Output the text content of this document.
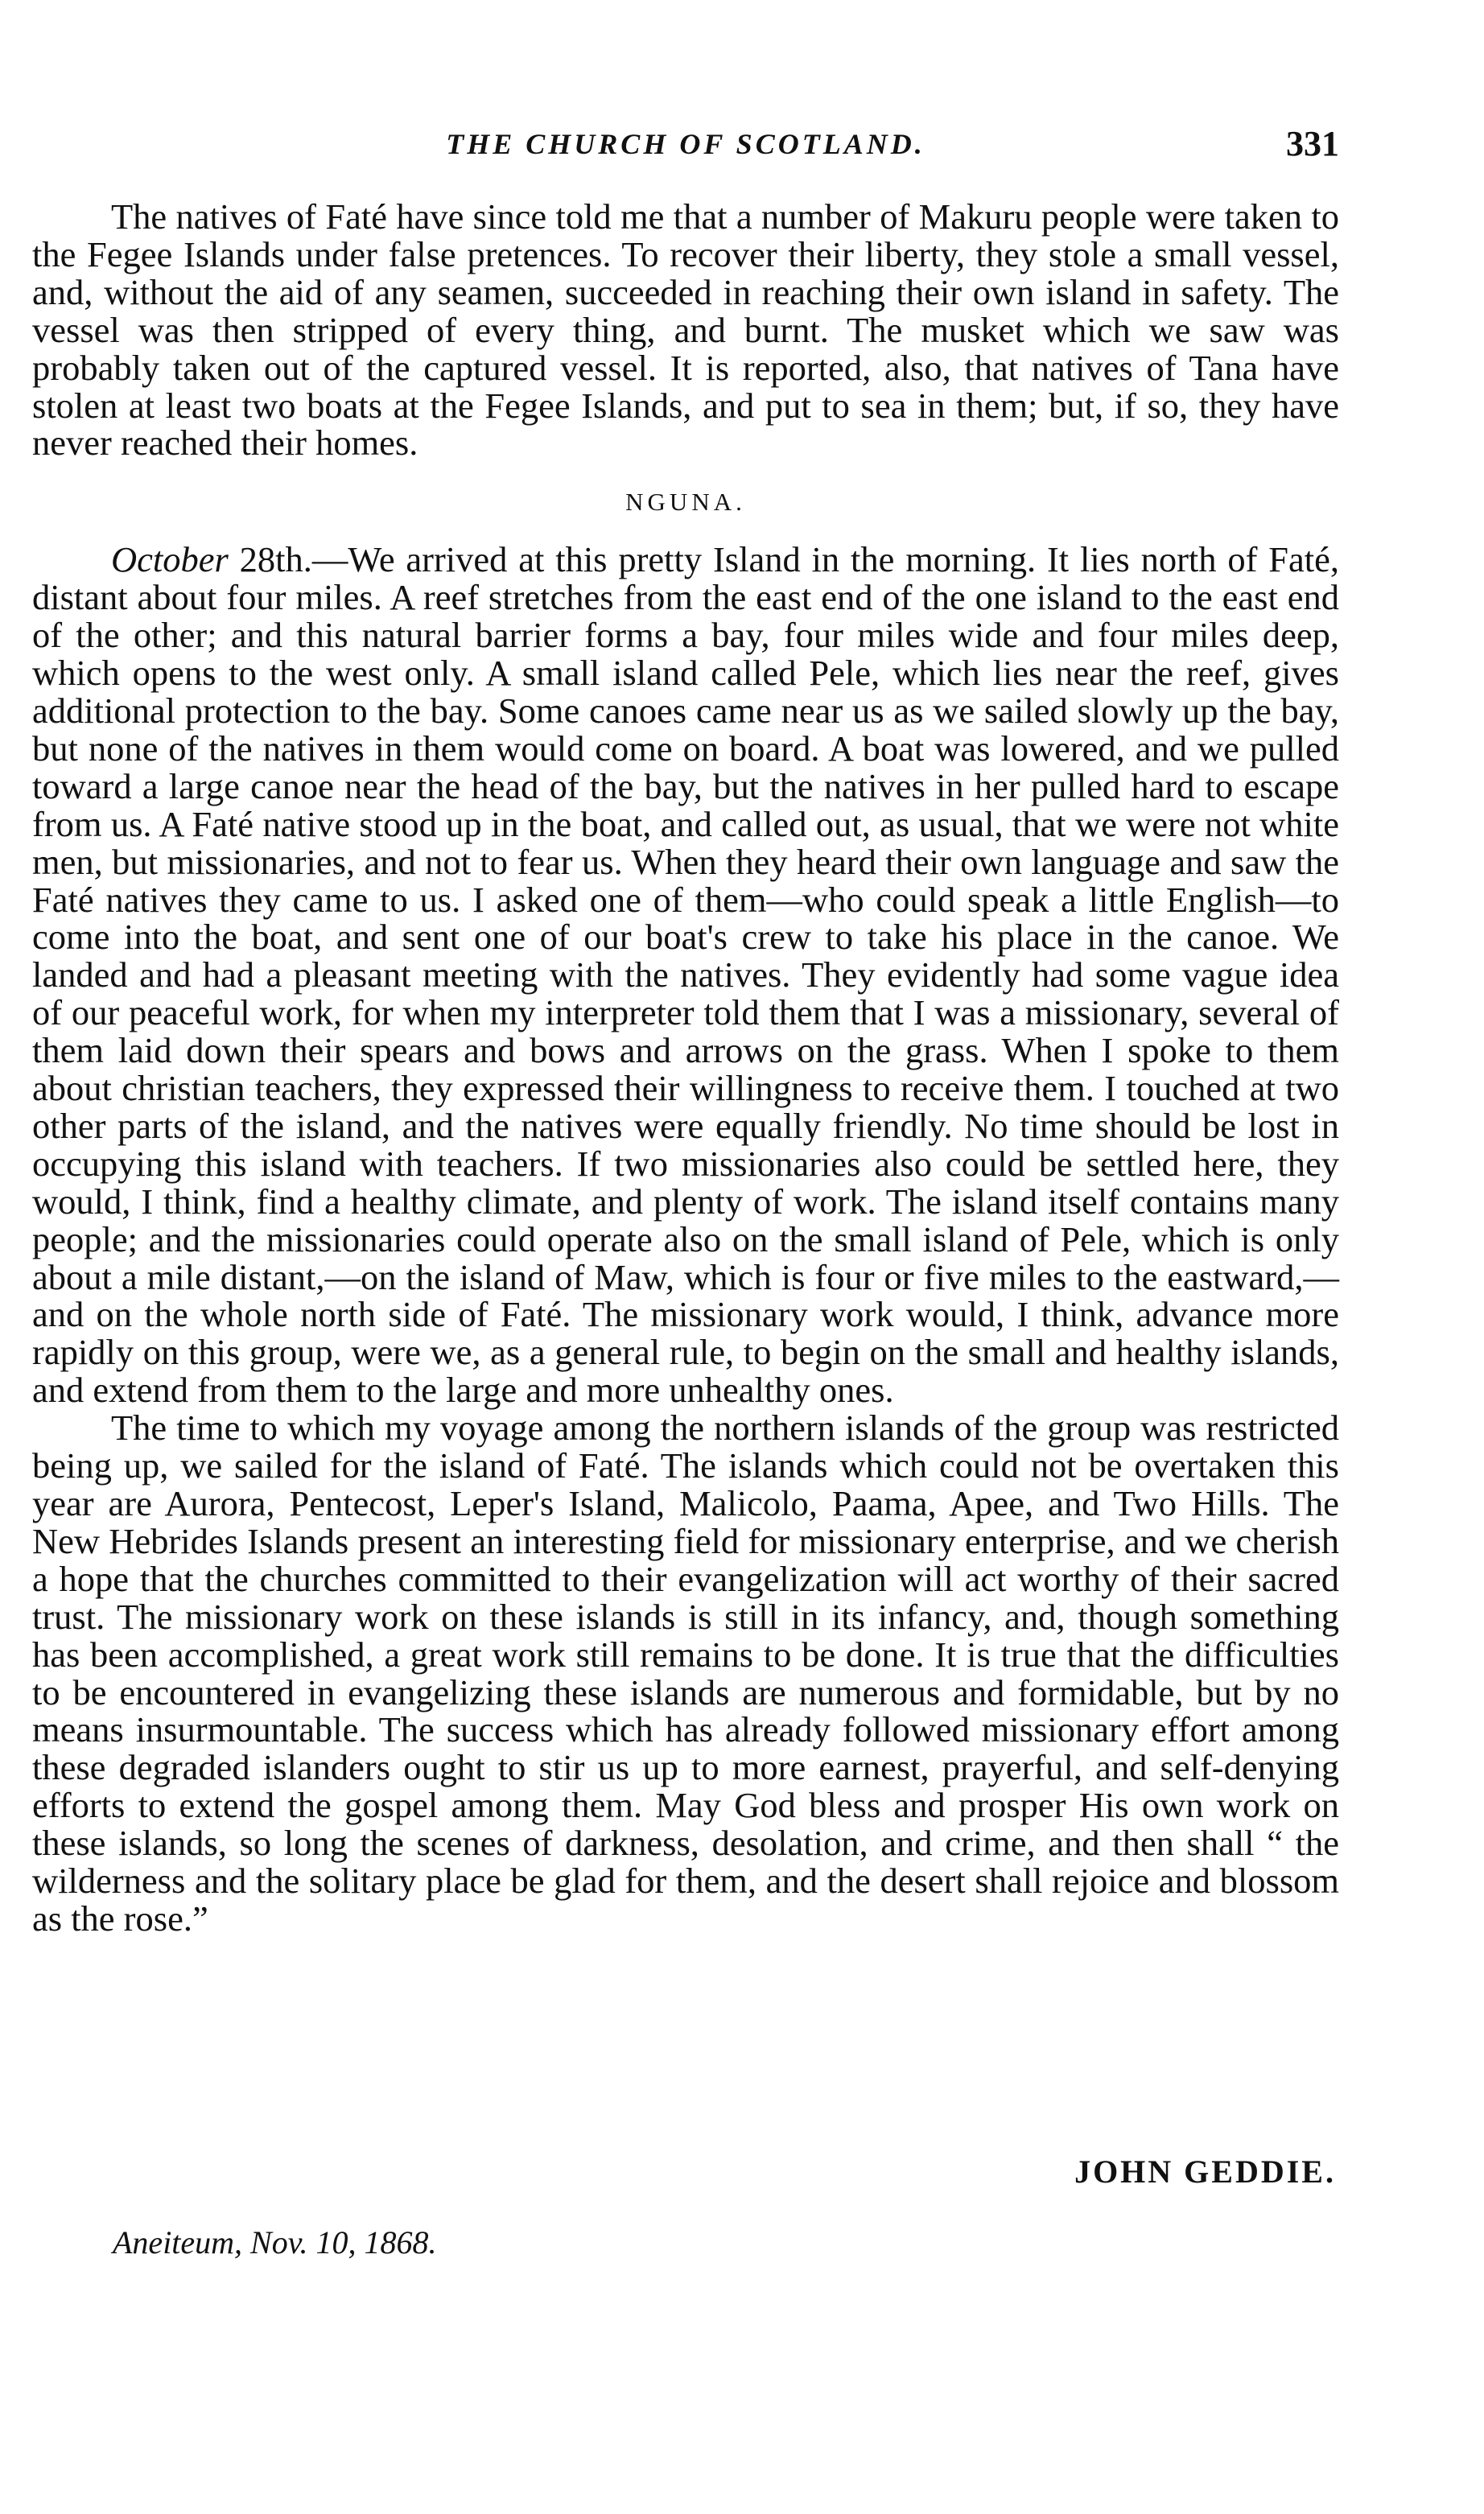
THE CHURCH OF SCOTLAND.	331

The natives of Faté have since told me that a number of Makuru people were taken to the Fegee Islands under false pretences. To recover their liberty, they stole a small vessel, and, without the aid of any seamen, succeeded in reaching their own island in safety. The vessel was then stripped of every thing, and burnt. The musket which we saw was probably taken out of the captured vessel. It is reported, also, that natives of Tana have stolen at least two boats at the Fegee Islands, and put to sea in them; but, if so, they have never reached their homes.

NGUNA.

October 28th.—We arrived at this pretty Island in the morning. It lies north of Faté, distant about four miles. A reef stretches from the east end of the one island to the east end of the other; and this natural barrier forms a bay, four miles wide and four miles deep, which opens to the west only. A small island called Pele, which lies near the reef, gives additional protection to the bay. Some canoes came near us as we sailed slowly up the bay, but none of the natives in them would come on board. A boat was lowered, and we pulled toward a large canoe near the head of the bay, but the natives in her pulled hard to escape from us. A Faté native stood up in the boat, and called out, as usual, that we were not white men, but missionaries, and not to fear us. When they heard their own language and saw the Faté natives they came to us. I asked one of them—who could speak a little English—to come into the boat, and sent one of our boat's crew to take his place in the canoe. We landed and had a pleasant meeting with the natives. They evidently had some vague idea of our peaceful work, for when my interpreter told them that I was a missionary, several of them laid down their spears and bows and arrows on the grass. When I spoke to them about christian teachers, they expressed their willingness to receive them. I touched at two other parts of the island, and the natives were equally friendly. No time should be lost in occupying this island with teachers. If two missionaries also could be settled here, they would, I think, find a healthy climate, and plenty of work. The island itself contains many people; and the missionaries could operate also on the small island of Pele, which is only about a mile distant,—on the island of Maw, which is four or five miles to the eastward,—and on the whole north side of Faté. The missionary work would, I think, advance more rapidly on this group, were we, as a general rule, to begin on the small and healthy islands, and extend from them to the large and more unhealthy ones.

The time to which my voyage among the northern islands of the group was restricted being up, we sailed for the island of Faté. The islands which could not be overtaken this year are Aurora, Pentecost, Leper's Island, Malicolo, Paama, Apee, and Two Hills. The New Hebrides Islands present an interesting field for missionary enterprise, and we cherish a hope that the churches committed to their evangelization will act worthy of their sacred trust. The missionary work on these islands is still in its infancy, and, though something has been accomplished, a great work still remains to be done. It is true that the difficulties to be encountered in evangelizing these islands are numerous and formidable, but by no means insurmountable. The success which has already followed missionary effort among these degraded islanders ought to stir us up to more earnest, prayerful, and self-denying efforts to extend the gospel among them. May God bless and prosper His own work on these islands, so long the scenes of darkness, desolation, and crime, and then shall “ the wilderness and the solitary place be glad for them, and the desert shall rejoice and blossom as the rose.”

JOHN GEDDIE.
Aneiteum, Nov. 10, 1868.
